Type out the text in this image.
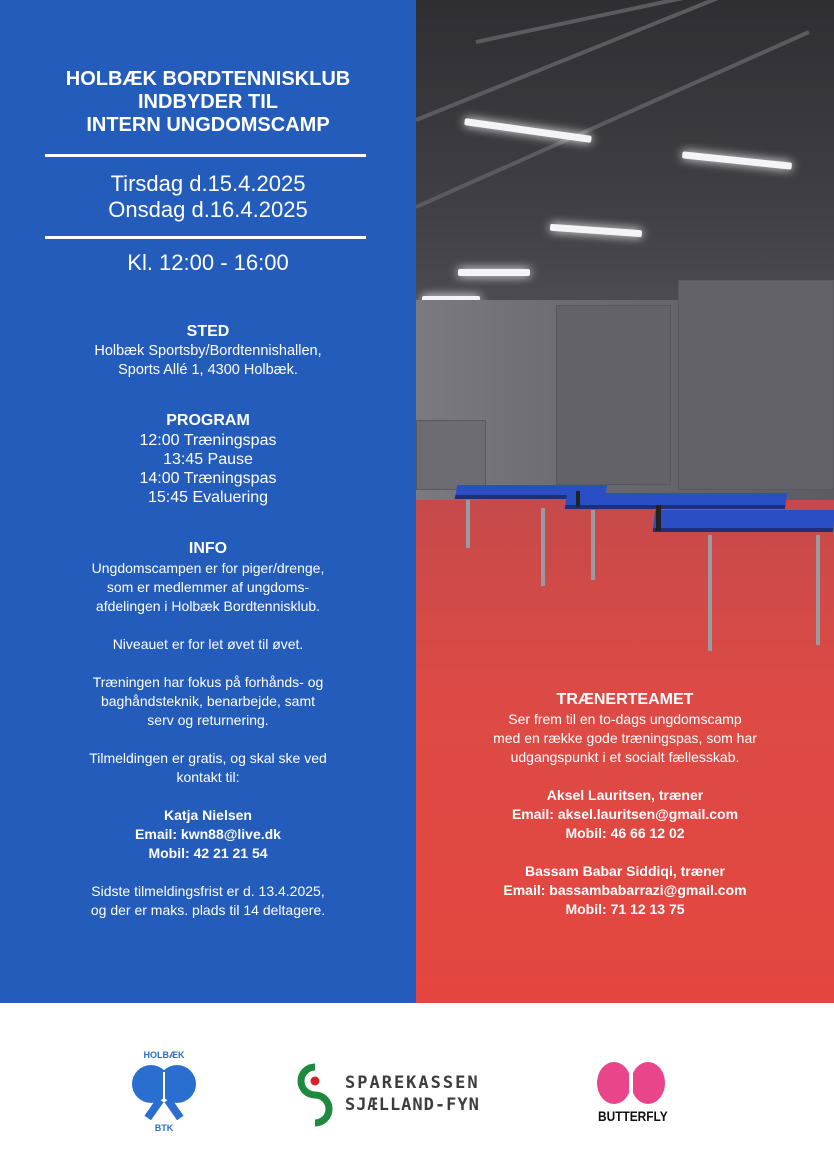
HOLBÆK BORDTENNISKLUB
INDBYDER TIL
INTERN UNGDOMSCAMP
Tirsdag d.15.4.2025
Onsdag d.16.4.2025
Kl. 12:00 - 16:00
STED
Holbæk Sportsby/Bordtennishallen,
Sports Allé 1, 4300 Holbæk.
PROGRAM
12:00 Træningspas
13:45 Pause
14:00 Træningspas
15:45 Evaluering
INFO
Ungdomscampen er for piger/drenge,
som er medlemmer af ungdoms-
afdelingen i Holbæk Bordtennisklub.
Niveauet er for let øvet til øvet.
Træningen har fokus på forhånds- og
baghåndsteknik, benarbejde, samt
serv og returnering.
Tilmeldingen er gratis, og skal ske ved
kontakt til:
Katja Nielsen
Email: kwn88@live.dk
Mobil: 42 21 21 54
Sidste tilmeldingsfrist er d. 13.4.2025,
og der er maks. plads til 14 deltagere.
TRÆNERTEAMET
Ser frem til en to-dags ungdomscamp
med en række gode træningspas, som har
udgangspunkt i et socialt fællesskab.
Aksel Lauritsen, træner
Email: aksel.lauritsen@gmail.com
Mobil: 46 66 12 02
Bassam Babar Siddiqi, træner
Email: bassambabarrazi@gmail.com
Mobil: 71 12 13 75
HOLBÆK
BTK
SPAREKASSEN
SJÆLLAND-FYN
BUTTERFLY
